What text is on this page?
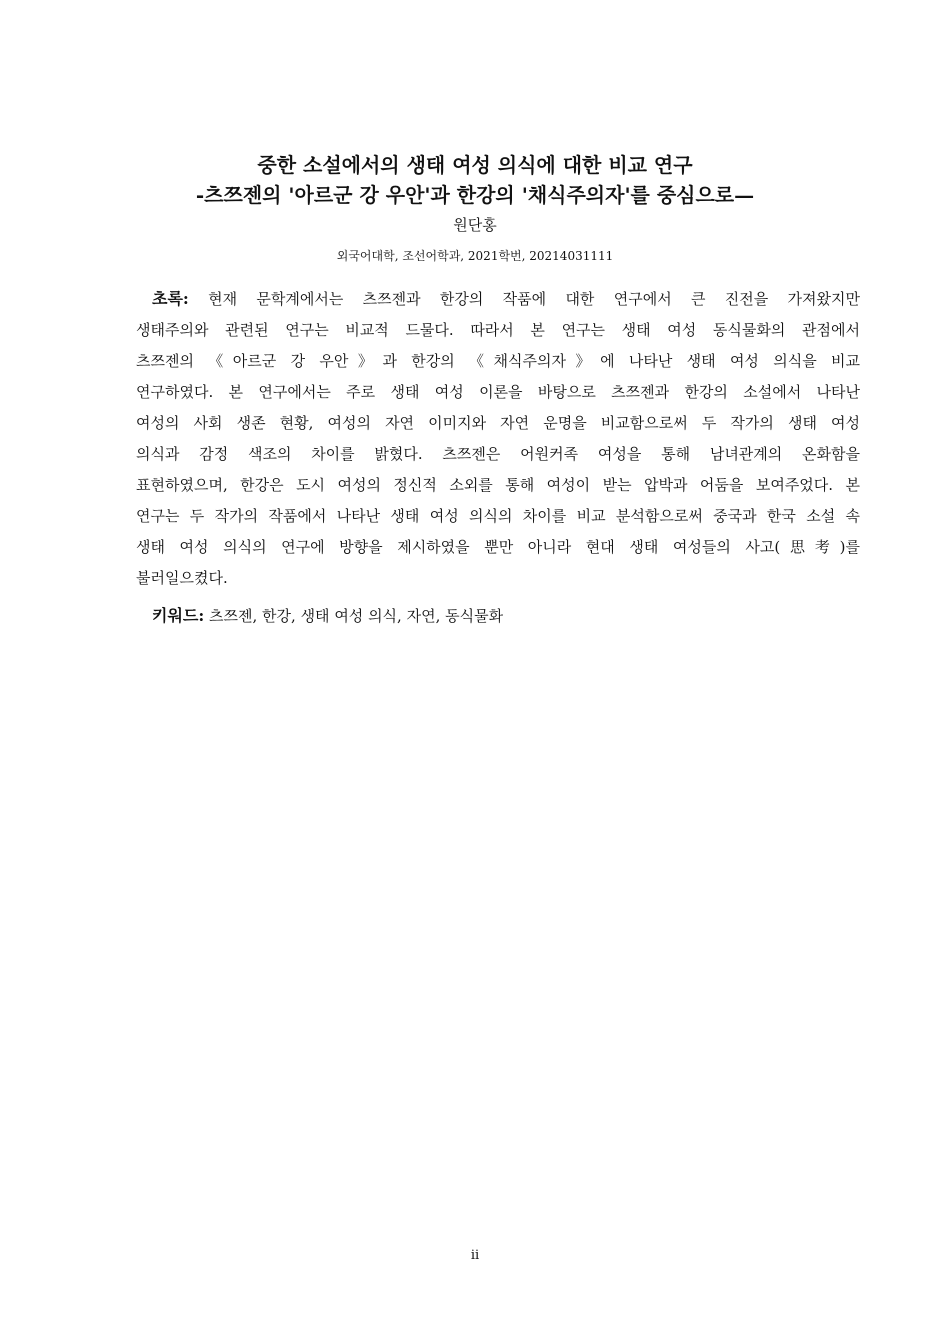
중한 소설에서의 생태 여성 의식에 대한 비교 연구
-츠쯔젠의 '아르군 강 우안'과 한강의 '채식주의자'를 중심으로—
원단홍
외국어대학, 조선어학과, 2021학번, 20214031111
초록: 현재 문학계에서는 츠쯔젠과 한강의 작품에 대한 연구에서 큰 진전을 가져왔지만
생태주의와 관련된 연구는 비교적 드물다. 따라서 본 연구는 생태 여성 동식물화의 관점에서
츠쯔젠의 《아르군 강 우안》과 한강의 《채식주의자》에 나타난 생태 여성 의식을 비교
연구하였다. 본 연구에서는 주로 생태 여성 이론을 바탕으로 츠쯔젠과 한강의 소설에서 나타난
여성의 사회 생존 현황, 여성의 자연 이미지와 자연 운명을 비교함으로써 두 작가의 생태 여성
의식과 감정 색조의 차이를 밝혔다. 츠쯔젠은 어원커족 여성을 통해 남녀관계의 온화함을
표현하였으며, 한강은 도시 여성의 정신적 소외를 통해 여성이 받는 압박과 어둠을 보여주었다. 본
연구는 두 작가의 작품에서 나타난 생태 여성 의식의 차이를 비교 분석함으로써 중국과 한국 소설 속
생태 여성 의식의 연구에 방향을 제시하였을 뿐만 아니라 현대 생태 여성들의 사고(思考)를
불러일으켰다.
키워드: 츠쯔젠, 한강, 생태 여성 의식, 자연, 동식물화
ii
